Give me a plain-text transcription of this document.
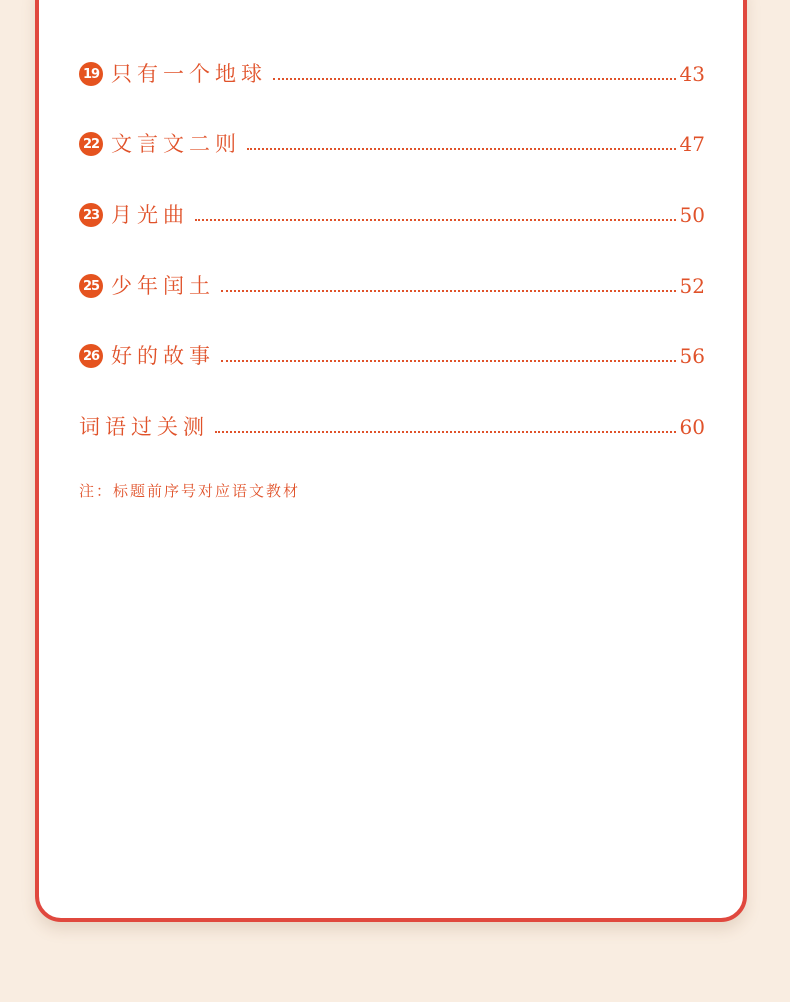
19 只有一个地球	43
22 文言文二则	47
23 月光曲	50
25 少年闰土	52
26 好的故事	56
词语过关测	60
注：标题前序号对应语文教材
